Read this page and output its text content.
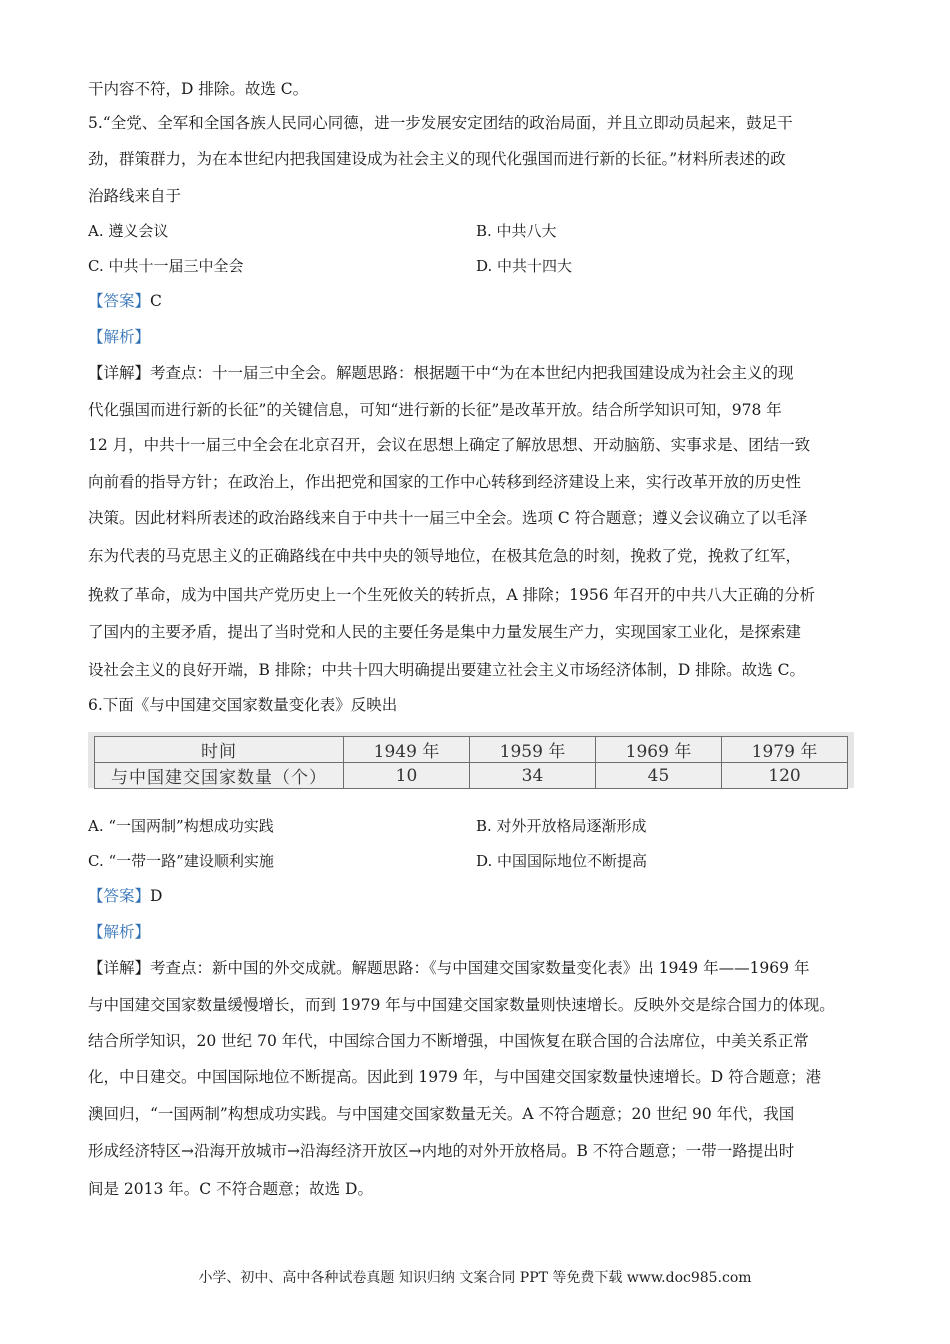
干内容不符，D 排除。故选 C。
5.“全党、全军和全国各族人民同心同德，进一步发展安定团结的政治局面，并且立即动员起来，鼓足干
劲，群策群力，为在本世纪内把我国建设成为社会主义的现代化强国而进行新的长征。”材料所表述的政
治路线来自于
A. 遵义会议	B. 中共八大
C. 中共十一届三中全会	D. 中共十四大
【答案】C
【解析】
【详解】考查点：十一届三中全会。解题思路：根据题干中“为在本世纪内把我国建设成为社会主义的现
代化强国而进行新的长征”的关键信息，可知“进行新的长征”是改革开放。结合所学知识可知，978 年
12 月，中共十一届三中全会在北京召开，会议在思想上确定了解放思想、开动脑筋、实事求是、团结一致
向前看的指导方针；在政治上，作出把党和国家的工作中心转移到经济建设上来，实行改革开放的历史性
决策。因此材料所表述的政治路线来自于中共十一届三中全会。选项 C 符合题意；遵义会议确立了以毛泽
东为代表的马克思主义的正确路线在中共中央的领导地位，在极其危急的时刻，挽救了党，挽救了红军，
挽救了革命，成为中国共产党历史上一个生死攸关的转折点，A 排除；1956 年召开的中共八大正确的分析
了国内的主要矛盾，提出了当时党和人民的主要任务是集中力量发展生产力，实现国家工业化，是探索建
设社会主义的良好开端，B 排除；中共十四大明确提出要建立社会主义市场经济体制，D 排除。故选 C。
6.下面《与中国建交国家数量变化表》反映出
时间	1949 年	1959 年	1969 年	1979 年
与中国建交国家数量（个）	10	34	45	120
A. “一国两制”构想成功实践	B. 对外开放格局逐渐形成
C. “一带一路”建设顺利实施	D. 中国国际地位不断提高
【答案】D
【解析】
【详解】考查点：新中国的外交成就。解题思路：《与中国建交国家数量变化表》出 1949 年——1969 年
与中国建交国家数量缓慢增长，而到 1979 年与中国建交国家数量则快速增长。反映外交是综合国力的体现。
结合所学知识，20 世纪 70 年代，中国综合国力不断增强，中国恢复在联合国的合法席位，中美关系正常
化，中日建交。中国国际地位不断提高。因此到 1979 年，与中国建交国家数量快速增长。D 符合题意；港
澳回归，“一国两制”构想成功实践。与中国建交国家数量无关。A 不符合题意；20 世纪 90 年代，我国
形成经济特区→沿海开放城市→沿海经济开放区→内地的对外开放格局。B 不符合题意；一带一路提出时
间是 2013 年。C 不符合题意；故选 D。
小学、初中、高中各种试卷真题 知识归纳 文案合同 PPT 等免费下载 www.doc985.com
